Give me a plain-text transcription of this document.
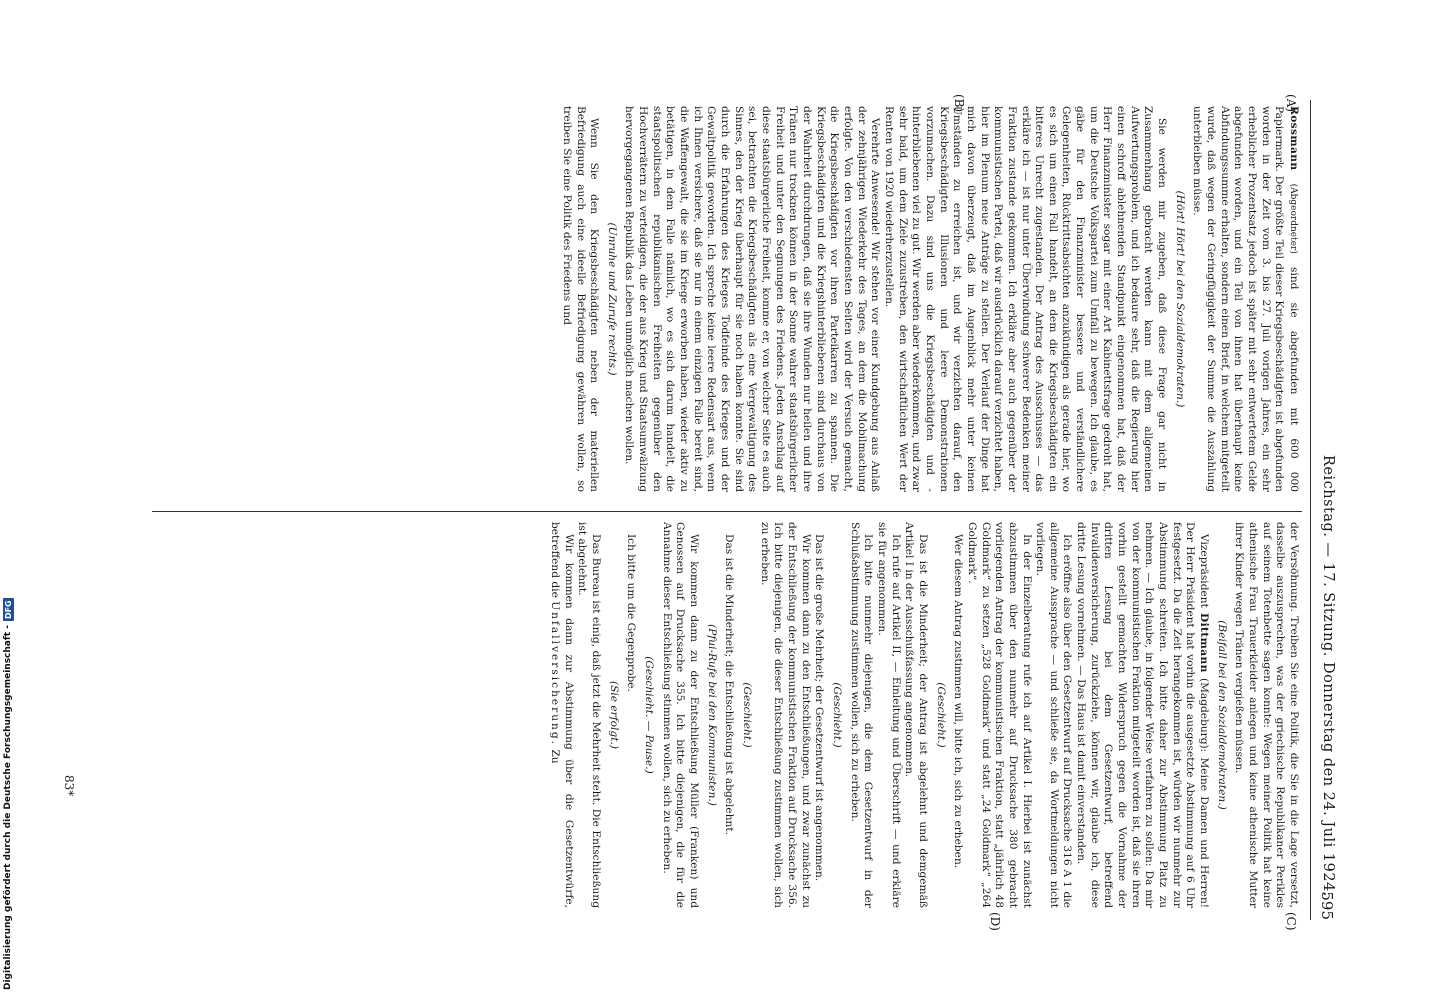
Reichstag. — 17. Sitzung. Donnerstag den 24. Juli 1924.
595
(A)
(B)
(C)
(D)

Rossmann (Abgeordneter) sind sie abgefunden mit 600 000 Papiermark. Der größte Teil dieser Kriegsbeschädigten ist abgefunden worden in der Zeit vom 3. bis 27. Juli vorigen Jahres, ein sehr erheblicher Prozentsatz jedoch ist später mit sehr entwertetem Gelde abgefunden worden, und ein Teil von ihnen hat überhaupt keine Abfindungssumme erhalten, sondern einen Brief, in welchem mitgeteilt wurde, daß wegen der Geringfügigkeit der Summe die Auszahlung unterbleiben müsse.

(Hört! Hört! bei den Sozialdemokraten.)

Sie werden mir zugeben, daß diese Frage gar nicht in Zusammenhang gebracht werden kann mit dem allgemeinen Aufwertungsproblem, und ich bedaure sehr, daß die Regierung hier einen schroff ablehnenden Standpunkt eingenommen hat, daß der Herr Finanzminister sogar mit einer Art Kabinettsfrage gedroht hat, um die Deutsche Volkspartei zum Umfall zu bewegen. Ich glaube, es gäbe für den Finanzminister bessere und verständlichere Gelegenheiten, Rücktrittsabsichten anzukündigen als gerade hier, wo es sich um einen Fall handelt, an dem die Kriegsbeschädigten ein bitteres Unrecht zugestanden. Der Antrag des Ausschusses — das erkläre ich — ist nur unter Überwindung schwerer Bedenken meiner Fraktion zustande gekommen. Ich erkläre aber auch gegenüber der kommunistischen Partei, daß wir ausdrücklich darauf verzichtet haben, hier im Plenum neue Anträge zu stellen. Der Verlauf der Dinge hat mich davon überzeugt, daß im Augenblick mehr unter keinen Umständen zu erreichen ist, und wir verzichten darauf, den Kriegsbeschädigten Illusionen und leere Demonstrationen vorzumachen. Dazu sind uns die Kriegsbeschädigten und -hinterbliebenen viel zu gut. Wir werden aber wiederkommen, und zwar sehr bald, um dem Ziele zuzustreben, den wirtschaftlichen Wert der Renten von 1920 wiederherzustellen.

Verehrte Anwesende! Wir stehen vor einer Kundgebung aus Anlaß der zehnjährigen Wiederkehr des Tages, an dem die Mobilmachung erfolgte. Von den verschiedensten Seiten wird der Versuch gemacht, die Kriegsbeschädigten vor ihren Parteikarren zu spannen. Die Kriegsbeschädigten und die Kriegshinterbliebenen sind durchaus von der Wahrheit durchdrungen, daß sie ihre Wunden nur heilen und ihre Tränen nur trocknen können in der Sonne wahrer staatsbürgerlicher Freiheit und unter den Segnungen des Friedens. Jeden Anschlag auf diese staatsbürgerliche Freiheit, komme er, von welcher Seite es auch sei, betrachten die Kriegsbeschädigten als eine Vergewaltigung des Sinnes, den der Krieg überhaupt für sie noch haben konnte. Sie sind durch die Erfahrungen des Krieges Todfeinde des Krieges und der Gewaltpolitik geworden. Ich spreche keine leere Redensart aus, wenn ich Ihnen versichere, daß sie nur in einem einzigen Falle bereit sind, die Waffengewalt, die sie im Kriege erworben haben, wieder aktiv zu betätigen, in dem Falle nämlich, wo es sich darum handelt, die staatspolitischen republikanischen Freiheiten gegenüber den Hochverrätern zu verteidigen, die der aus Krieg und Staatsumwälzung hervorgegangenen Republik das Leben unmöglich machen wollen.

(Unruhe und Zurufe rechts.)

Wenn Sie den Kriegsbeschädigten neben der materiellen Befriedigung auch eine ideelle Befriedigung gewähren wollen, so treiben Sie eine Politik des Friedens und

der Versöhnung. Treiben Sie eine Politik, die Sie in die Lage versetzt, dasselbe auszusprechen, was der griechische Republikaner Perikles auf seinem Totenbette sagen konnte: Wegen meiner Politik hat keine athenische Frau Trauerkleider anlegen und keine athenische Mutter ihrer Kinder wegen Tränen vergießen müssen.

(Beifall bei den Sozialdemokraten.)

Vizepräsident Dittmann (Magdeburg): Meine Damen und Herren! Der Herr Präsident hat vorhin die ausgesetzte Abstimmung auf 6 Uhr festgesetzt. Da die Zeit herangekommen ist, würden wir nunmehr zur Abstimmung schreiten. Ich bitte daher zur Abstimmung Platz zu nehmen. — Ich glaube, in folgender Weise verfahren zu sollen: Da mir von der kommunistischen Fraktion mitgeteilt worden ist, daß sie ihren vorhin gestellt gemachten Widerspruch gegen die Vornahme der dritten Lesung bei dem Gesetzentwurf, betreffend Invalidenversicherung, zurückziehe, können wir, glaube ich, diese dritte Lesung vornehmen. — Das Haus ist damit einverstanden.

Ich eröffne also über den Gesetzentwurf auf Drucksache 316 A 1 die allgemeine Aussprache — und schließe sie, da Wortmeldungen nicht vorliegen.

In der Einzelberatung rufe ich auf Artikel I. Hierbei ist zunächst abzustimmen über den nunmehr auf Drucksache 380 gebracht vorliegenden Antrag der kommunistischen Fraktion, statt „jährlich 48 Goldmark“ zu setzen „528 Goldmark“ und statt „24 Goldmark“ „264 Goldmark“.

Wer diesem Antrag zustimmen will, bitte ich, sich zu erheben.

(Geschieht.)

Das ist die Minderheit; der Antrag ist abgelehnt und demgemäß Artikel I in der Ausschußfassung angenommen.

Ich rufe auf Artikel II, — Einleitung und Überschrift — und erkläre sie für angenommen.

Ich bitte nunmehr diejenigen, die dem Gesetzentwurf in der Schlußabstimmung zustimmen wollen, sich zu erheben.

(Geschieht.)

Das ist die große Mehrheit; der Gesetzentwurf ist angenommen.

Wir kommen dann zu den Entschließungen, und zwar zunächst zu der Entschließung der kommunistischen Fraktion auf Drucksache 356. Ich bitte diejenigen, die dieser Entschließung zustimmen wollen, sich zu erheben.

(Geschieht.)

Das ist die Minderheit; die Entschließung ist abgelehnt.

(Pfui-Rufe bei den Kommunisten.)

Wir kommen dann zu der Entschließung Müller (Franken) und Genossen auf Drucksache 355. Ich bitte diejenigen, die für die Annahme dieser Entschließung stimmen wollen, sich zu erheben.

(Geschieht. — Pause.)

Ich bitte um die Gegenprobe.

(Sie erfolgt.)

Das Bureau ist einig, daß jetzt die Mehrheit steht. Die Entschließung ist abgelehnt.

Wir kommen dann zur Abstimmung über die Gesetzentwürfe, betreffend die Unfallversicherung. Zu

83*
Digitalisierung gefördert durch die Deutsche Forschungsgemeinschaft -
DFG
